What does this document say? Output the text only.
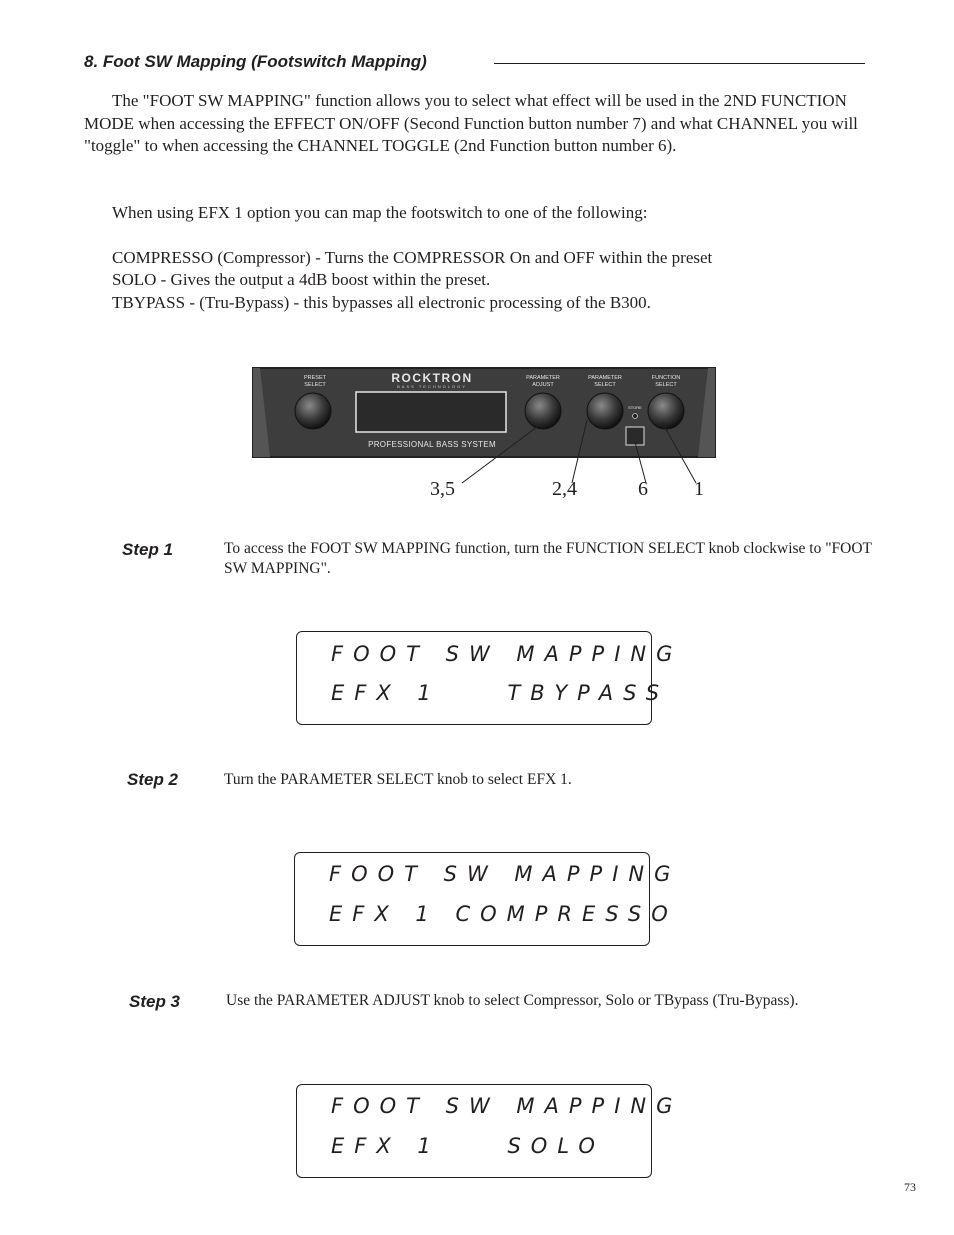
8. Foot SW Mapping (Footswitch Mapping)
The "FOOT SW MAPPING" function allows you to select what effect will be used in the 2ND FUNCTION MODE when accessing the EFFECT ON/OFF (Second Function button number 7) and what CHANNEL you will "toggle" to when accessing the CHANNEL TOGGLE (2nd Function button number 6).
When using EFX 1 option you can map the footswitch to one of the following:
COMPRESSO (Compressor) - Turns the COMPRESSOR On and OFF within the preset
SOLO - Gives the output a 4dB boost within the preset.
TBYPASS - (Tru-Bypass) - this bypasses all electronic processing of the B300.
PRESET
SELECT	ROCKTRON
BASS TECHNOLOGY
PARAMETER
ADJUST
PARAMETER
SELECT
FUNCTION
SELECT
STORE
PROFESSIONAL BASS SYSTEM
3,5	2,4	6 1
Step 1	To access the FOOT SW MAPPING function, turn the FUNCTION SELECT knob clockwise to "FOOT SW MAPPING".
FOOT SW MAPPING
EFX 1    TBYPASS
Step 2	Turn the PARAMETER SELECT knob to select EFX 1.
FOOT SW MAPPING
EFX 1 COMPRESSO
Step 3	Use the PARAMETER ADJUST knob to select Compressor, Solo or TBypass (Tru-Bypass).
FOOT SW MAPPING
EFX 1    SOLO
73
